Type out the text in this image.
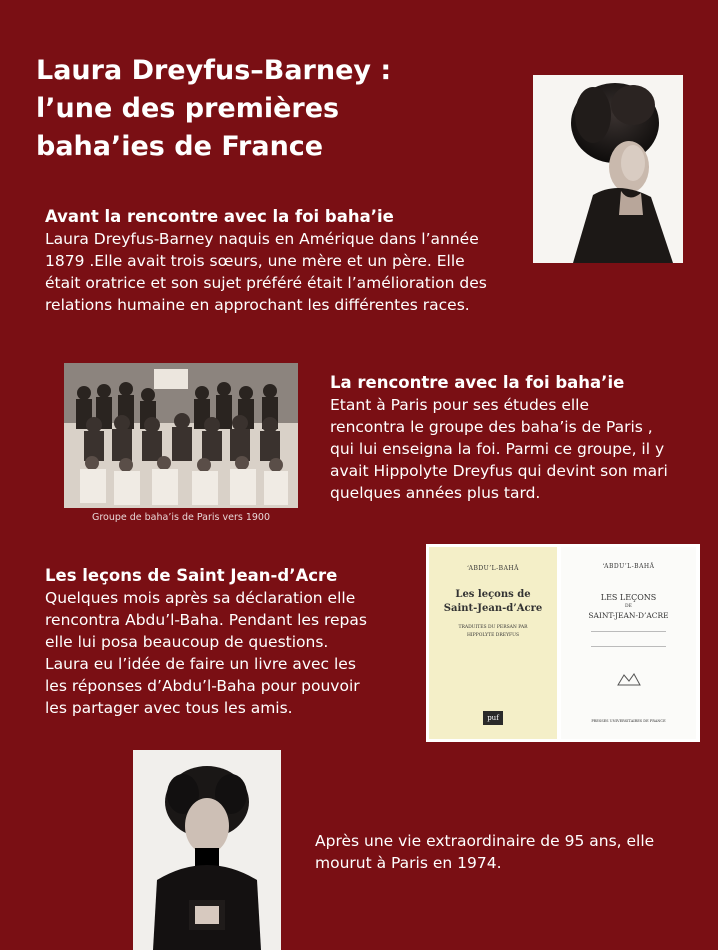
Laura Dreyfus–Barney :
l’une des premières
baha’ies de France
Avant la rencontre avec la foi baha’ie

Laura Dreyfus-Barney naquis en Amérique dans l’année

1879 .Elle avait trois sœurs, une mère et un père. Elle

était oratrice et son sujet préféré était l’amélioration des

relations humaine en approchant les différentes races.

Groupe de baha’is de Paris vers 1900
La rencontre avec la foi baha’ie

Etant à Paris pour ses études elle

rencontra le groupe des baha’is de Paris ,

qui lui enseigna la foi. Parmi ce groupe, il y

avait Hippolyte Dreyfus qui devint son mari

quelques années plus tard.

Les leçons de Saint Jean-d’Acre

Quelques mois après sa déclaration elle

rencontra Abdu’l-Baha. Pendant les repas

elle lui posa beaucoup de questions.

Laura eu l’idée de faire un livre avec les

les réponses d’Abdu’l-Baha pour pouvoir

les partager avec tous les amis.

‘ABDU’L-BAHÂ
Les leçons de
Saint-Jean-d’Acre
TRADUITES DU PERSAN PAR
HIPPOLYTE DREYFUS
puf
‘ABDU’L-BAHÂ
LES LEÇONS
DE
SAINT-JEAN-D’ACRE
PRESSES UNIVERSITAIRES DE FRANCE

Après une vie extraordinaire de 95 ans, elle

mourut à Paris en 1974.
